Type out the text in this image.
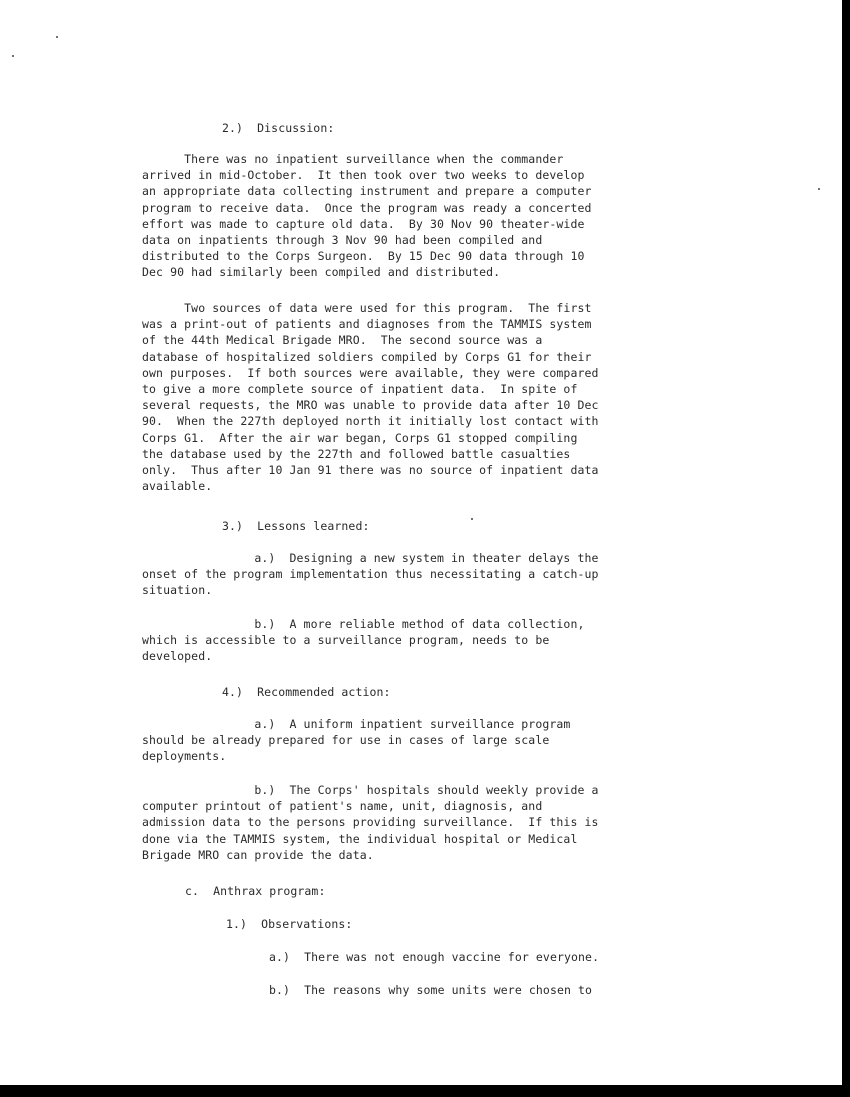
2.)  Discussion:

There was no inpatient surveillance when the commander
arrived in mid-October.  It then took over two weeks to develop
an appropriate data collecting instrument and prepare a computer
program to receive data.  Once the program was ready a concerted
effort was made to capture old data.  By 30 Nov 90 theater-wide
data on inpatients through 3 Nov 90 had been compiled and
distributed to the Corps Surgeon.  By 15 Dec 90 data through 10
Dec 90 had similarly been compiled and distributed.

Two sources of data were used for this program.  The first
was a print-out of patients and diagnoses from the TAMMIS system
of the 44th Medical Brigade MRO.  The second source was a
database of hospitalized soldiers compiled by Corps G1 for their
own purposes.  If both sources were available, they were compared
to give a more complete source of inpatient data.  In spite of
several requests, the MRO was unable to provide data after 10 Dec
90.  When the 227th deployed north it initially lost contact with
Corps G1.  After the air war began, Corps G1 stopped compiling
the database used by the 227th and followed battle casualties
only.  Thus after 10 Jan 91 there was no source of inpatient data
available.

3.)  Lessons learned:

a.)  Designing a new system in theater delays the
onset of the program implementation thus necessitating a catch-up
situation.

b.)  A more reliable method of data collection,
which is accessible to a surveillance program, needs to be
developed.

4.)  Recommended action:

a.)  A uniform inpatient surveillance program
should be already prepared for use in cases of large scale
deployments.

b.)  The Corps' hospitals should weekly provide a
computer printout of patient's name, unit, diagnosis, and
admission data to the persons providing surveillance.  If this is
done via the TAMMIS system, the individual hospital or Medical
Brigade MRO can provide the data.

c.  Anthrax program:

1.)  Observations:

a.)  There was not enough vaccine for everyone.

b.)  The reasons why some units were chosen to
